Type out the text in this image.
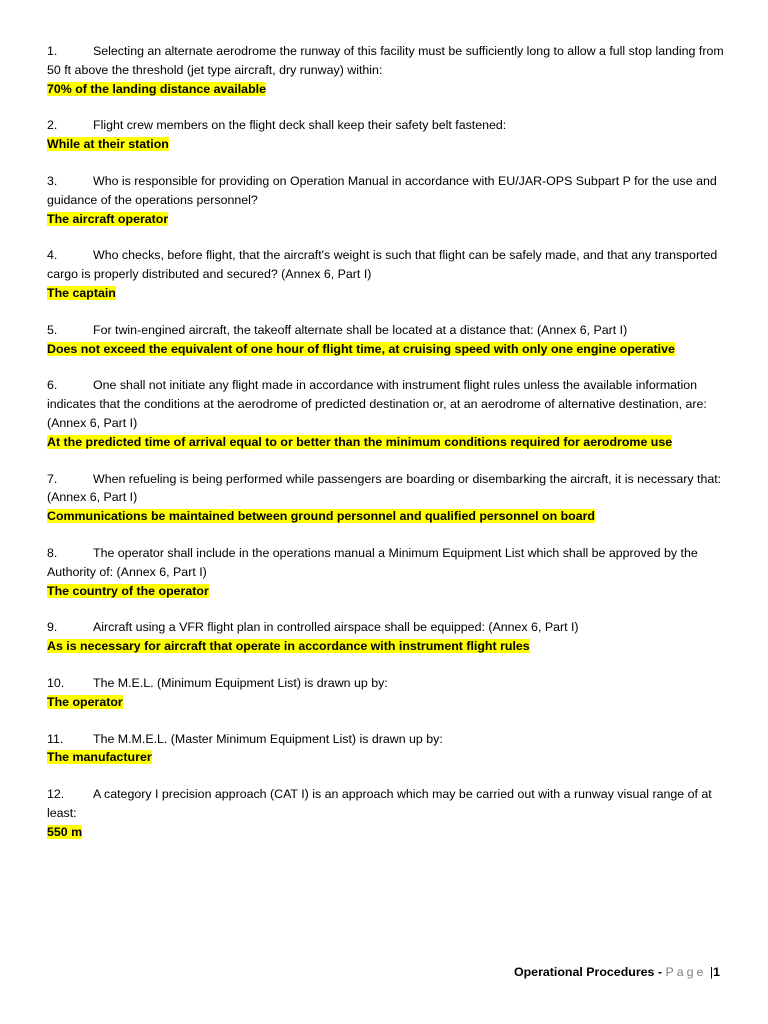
1.	Selecting an alternate aerodrome the runway of this facility must be sufficiently long to allow a full stop landing from 50 ft above the threshold (jet type aircraft, dry runway) within:

70% of the landing distance available

2.	Flight crew members on the flight deck shall keep their safety belt fastened:

While at their station

3.	Who is responsible for providing on Operation Manual in accordance with EU/JAR-OPS Subpart P for the use and guidance of the operations personnel?

The aircraft operator

4.	Who checks, before flight, that the aircraft's weight is such that flight can be safely made, and that any transported cargo is properly distributed and secured? (Annex 6, Part I)

The captain

5.	For twin-engined aircraft, the takeoff alternate shall be located at a distance that: (Annex 6, Part I)

Does not exceed the equivalent of one hour of flight time, at cruising speed with only one engine operative

6.	One shall not initiate any flight made in accordance with instrument flight rules unless the available information indicates that the conditions at the aerodrome of predicted destination or, at an aerodrome of alternative destination, are: (Annex 6, Part I)

At the predicted time of arrival equal to or better than the minimum conditions required for aerodrome use

7.	When refueling is being performed while passengers are boarding or disembarking the aircraft, it is necessary that: (Annex 6, Part I)

Communications be maintained between ground personnel and qualified personnel on board

8.	The operator shall include in the operations manual a Minimum Equipment List which shall be approved by the Authority of: (Annex 6, Part I)

The country of the operator

9.	Aircraft using a VFR flight plan in controlled airspace shall be equipped: (Annex 6, Part I)

As is necessary for aircraft that operate in accordance with instrument flight rules

10. The M.E.L. (Minimum Equipment List) is drawn up by:

The operator

11. The M.M.E.L. (Master Minimum Equipment List) is drawn up by:

The manufacturer

12. A category I precision approach (CAT I) is an approach which may be carried out with a runway visual range of at least:

550 m

Operational Procedures - Page |1
